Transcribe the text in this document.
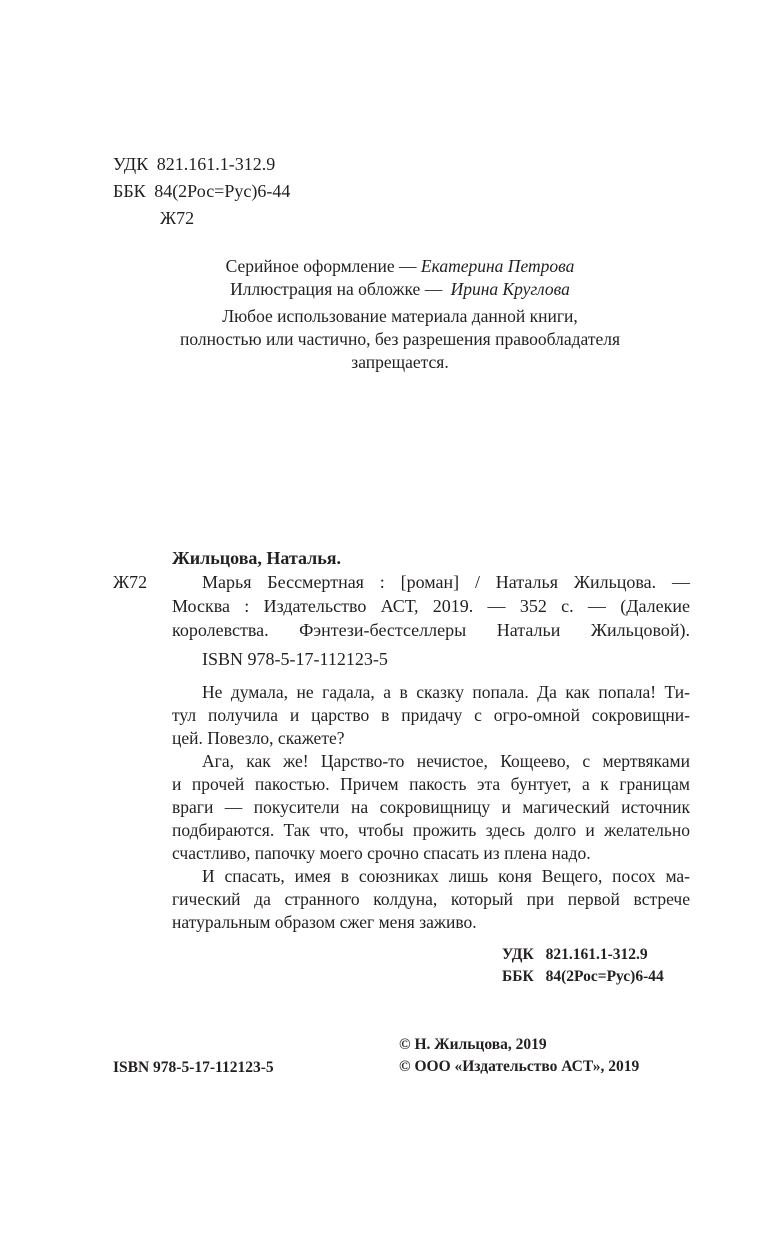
УДК 821.161.1-312.9
ББК 84(2Рос=Рус)6-44
Ж72
Серийное оформление — Екатерина Петрова
Иллюстрация на обложке — Ирина Круглова
Любое использование материала данной книги,
полностью или частично, без разрешения правообладателя
запрещается.
Жильцова, Наталья.
Ж72	Марья Бессмертная : [роман] / Наталья Жильцова. —
Москва : Издательство АСТ, 2019. — 352 с. — (Далекие
королевства. Фэнтези-бестселлеры Натальи Жильцовой).
ISBN 978-5-17-112123-5
Не думала, не гадала, а в сказку попала. Да как попала! Ти-
тул получила и царство в придачу с огро-омной сокровищни-
цей. Повезло, скажете?
Ага, как же! Царство-то нечистое, Кощеево, с мертвяками
и прочей пакостью. Причем пакость эта бунтует, а к границам
враги — покусители на сокровищницу и магический источник
подбираются. Так что, чтобы прожить здесь долго и желательно
счастливо, папочку моего срочно спасать из плена надо.
И спасать, имея в союзниках лишь коня Вещего, посох ма-
гический да странного колдуна, который при первой встрече
натуральным образом сжег меня заживо.
УДК 821.161.1-312.9
ББК 84(2Рос=Рус)6-44
ISBN 978-5-17-112123-5
© Н. Жильцова, 2019
© ООО «Издательство АСТ», 2019
